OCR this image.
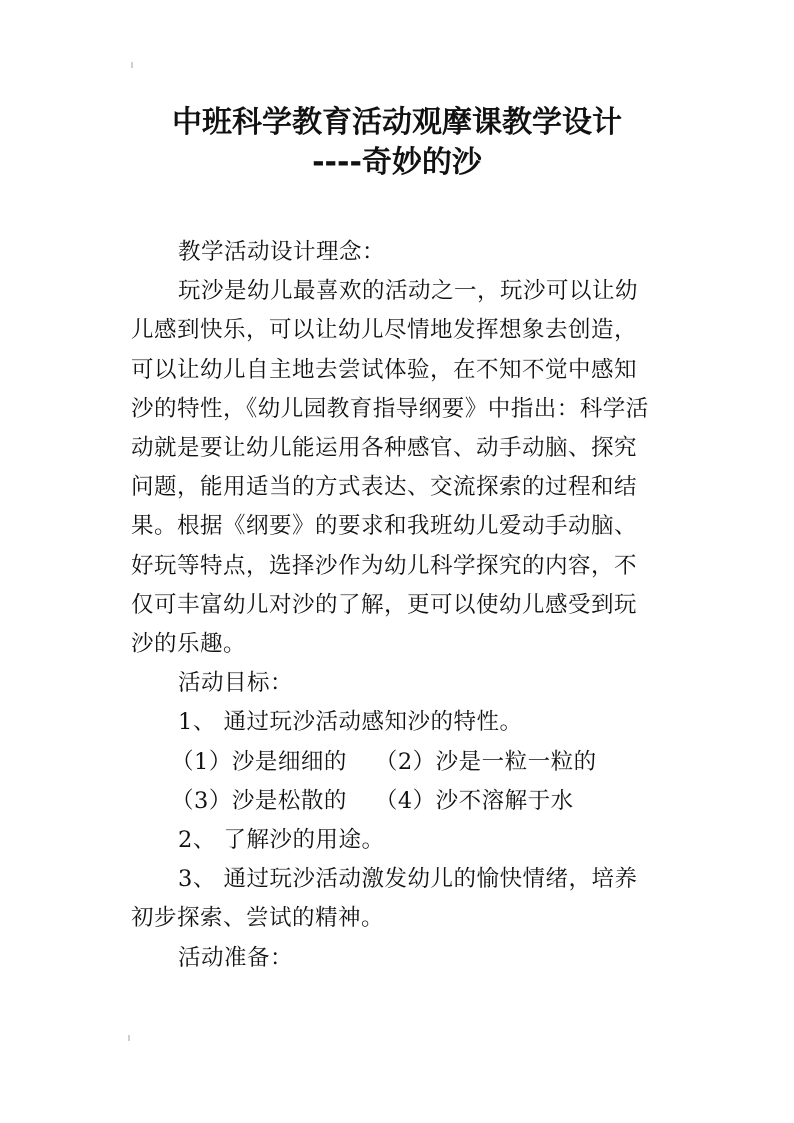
中班科学教育活动观摩课教学设计
----奇妙的沙
教学活动设计理念：
玩沙是幼儿最喜欢的活动之一，玩沙可以让幼
儿感到快乐，可以让幼儿尽情地发挥想象去创造，
可以让幼儿自主地去尝试体验，在不知不觉中感知
沙的特性，《幼儿园教育指导纲要》中指出：科学活
动就是要让幼儿能运用各种感官、动手动脑、探究
问题，能用适当的方式表达、交流探索的过程和结
果。根据《纲要》的要求和我班幼儿爱动手动脑、
好玩等特点，选择沙作为幼儿科学探究的内容，不
仅可丰富幼儿对沙的了解，更可以使幼儿感受到玩
沙的乐趣。
活动目标：
1、 通过玩沙活动感知沙的特性。
（1）沙是细细的 （2）沙是一粒一粒的
（3）沙是松散的 （4）沙不溶解于水
2、 了解沙的用途。
3、 通过玩沙活动激发幼儿的愉快情绪，培养
初步探索、尝试的精神。
活动准备：
